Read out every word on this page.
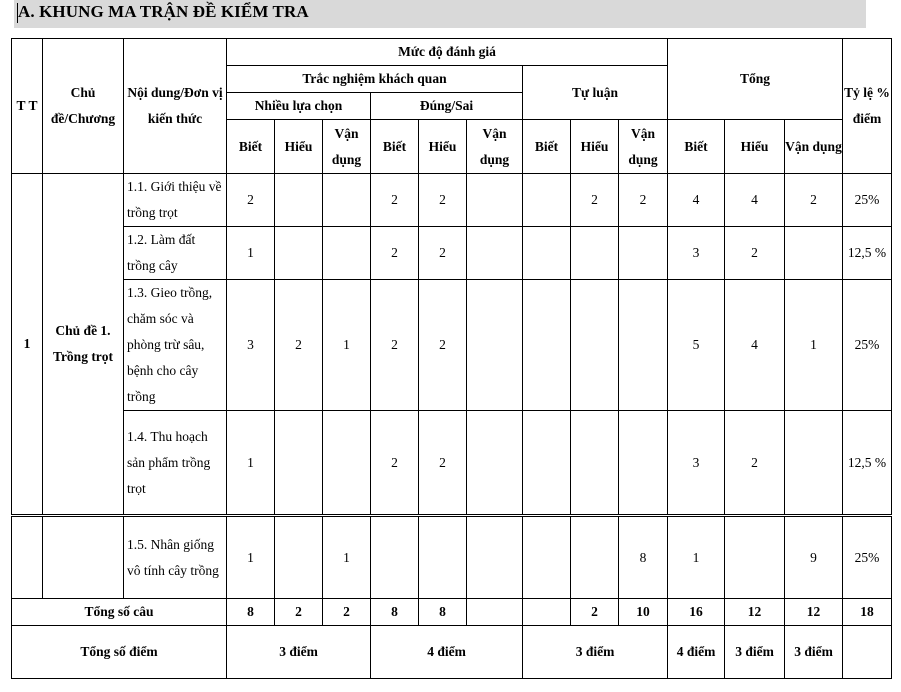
A. KHUNG MA TRẬN ĐỀ KIỂM TRA
T T	Chủ đề/Chương	Nội dung/Đơn vị kiến thức	Mức độ đánh giá									Tổng			Tỷ lệ % điểm
			Trắc nghiệm khách quan						Tự luận						
			Nhiều lựa chọn			Đúng/Sai									
			Biết	Hiểu	Vận dụng	Biết	Hiểu	Vận dụng	Biết	Hiểu	Vận dụng	Biết	Hiểu	Vận dụng	
1	Chủ đề 1. Trồng trọt	1.1. Giới thiệu về trồng trọt	2			2	2			2	2	4	4	2	25%
		1.2. Làm đất trồng cây	1			2	2					3	2		12,5 %
		1.3. Gieo trồng, chăm sóc và phòng trừ sâu, bệnh cho cây trồng	3	2	1	2	2					5	4	1	25%
		1.4. Thu hoạch sản phẩm trồng trọt	1			2	2					3	2		12,5 %
		1.5. Nhân giống vô tính cây trồng	1		1						8	1		9	25%
Tổng số câu			8	2	2	8	8			2	10	16	12	12	18
Tổng số điểm			3 điểm			4 điểm			3 điểm			4 điểm	3 điểm	3 điểm	
